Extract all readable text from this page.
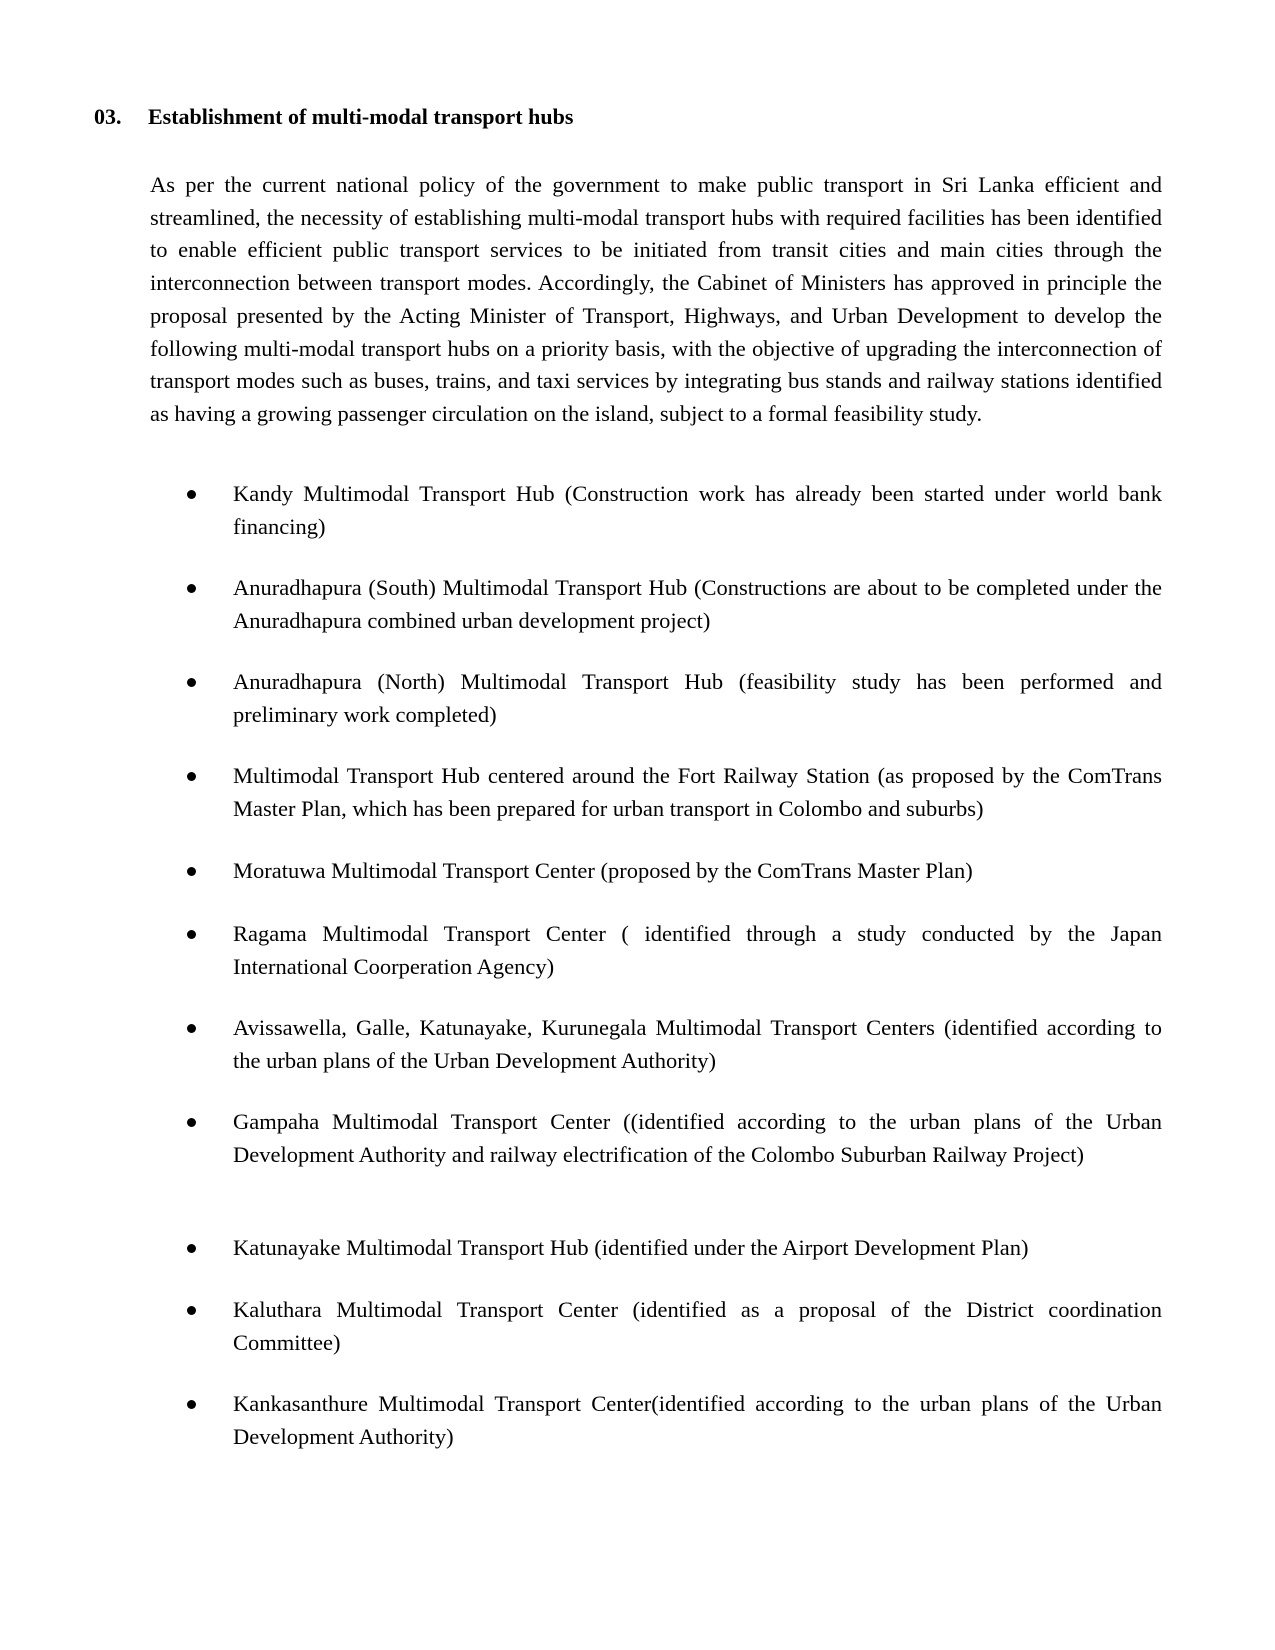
03. Establishment of multi-modal transport hubs

As per the current national policy of the government to make public transport in Sri Lanka efficient and streamlined, the necessity of establishing multi-modal transport hubs with required facilities has been identified to enable efficient public transport services to be initiated from transit cities and main cities through the interconnection between transport modes. Accordingly, the Cabinet of Ministers has approved in principle the proposal presented by the Acting Minister of Transport, Highways, and Urban Development to develop the following multi-modal transport hubs on a priority basis, with the objective of upgrading the interconnection of transport modes such as buses, trains, and taxi services by integrating bus stands and railway stations identified as having a growing passenger circulation on the island, subject to a formal feasibility study.

Kandy Multimodal Transport Hub (Construction work has already been started under world bank financing)

Anuradhapura (South) Multimodal Transport Hub (Constructions are about to be completed under the Anuradhapura combined urban development project)

Anuradhapura (North) Multimodal Transport Hub (feasibility study has been performed and preliminary work completed)

Multimodal Transport Hub centered around the Fort Railway Station (as proposed by the ComTrans Master Plan, which has been prepared for urban transport in Colombo and suburbs)

Moratuwa Multimodal Transport Center (proposed by the ComTrans Master Plan)

Ragama Multimodal Transport Center ( identified through a study conducted by the Japan International Coorperation Agency)

Avissawella, Galle, Katunayake, Kurunegala Multimodal Transport Centers (identified according to the urban plans of the Urban Development Authority)

Gampaha Multimodal Transport Center ((identified according to the urban plans of the Urban Development Authority and railway electrification of the Colombo Suburban Railway Project)

Katunayake Multimodal Transport Hub (identified under the Airport Development Plan)

Kaluthara Multimodal Transport Center (identified as a proposal of the District coordination Committee)

Kankasanthure Multimodal Transport Center(identified according to the urban plans of the Urban Development Authority)
